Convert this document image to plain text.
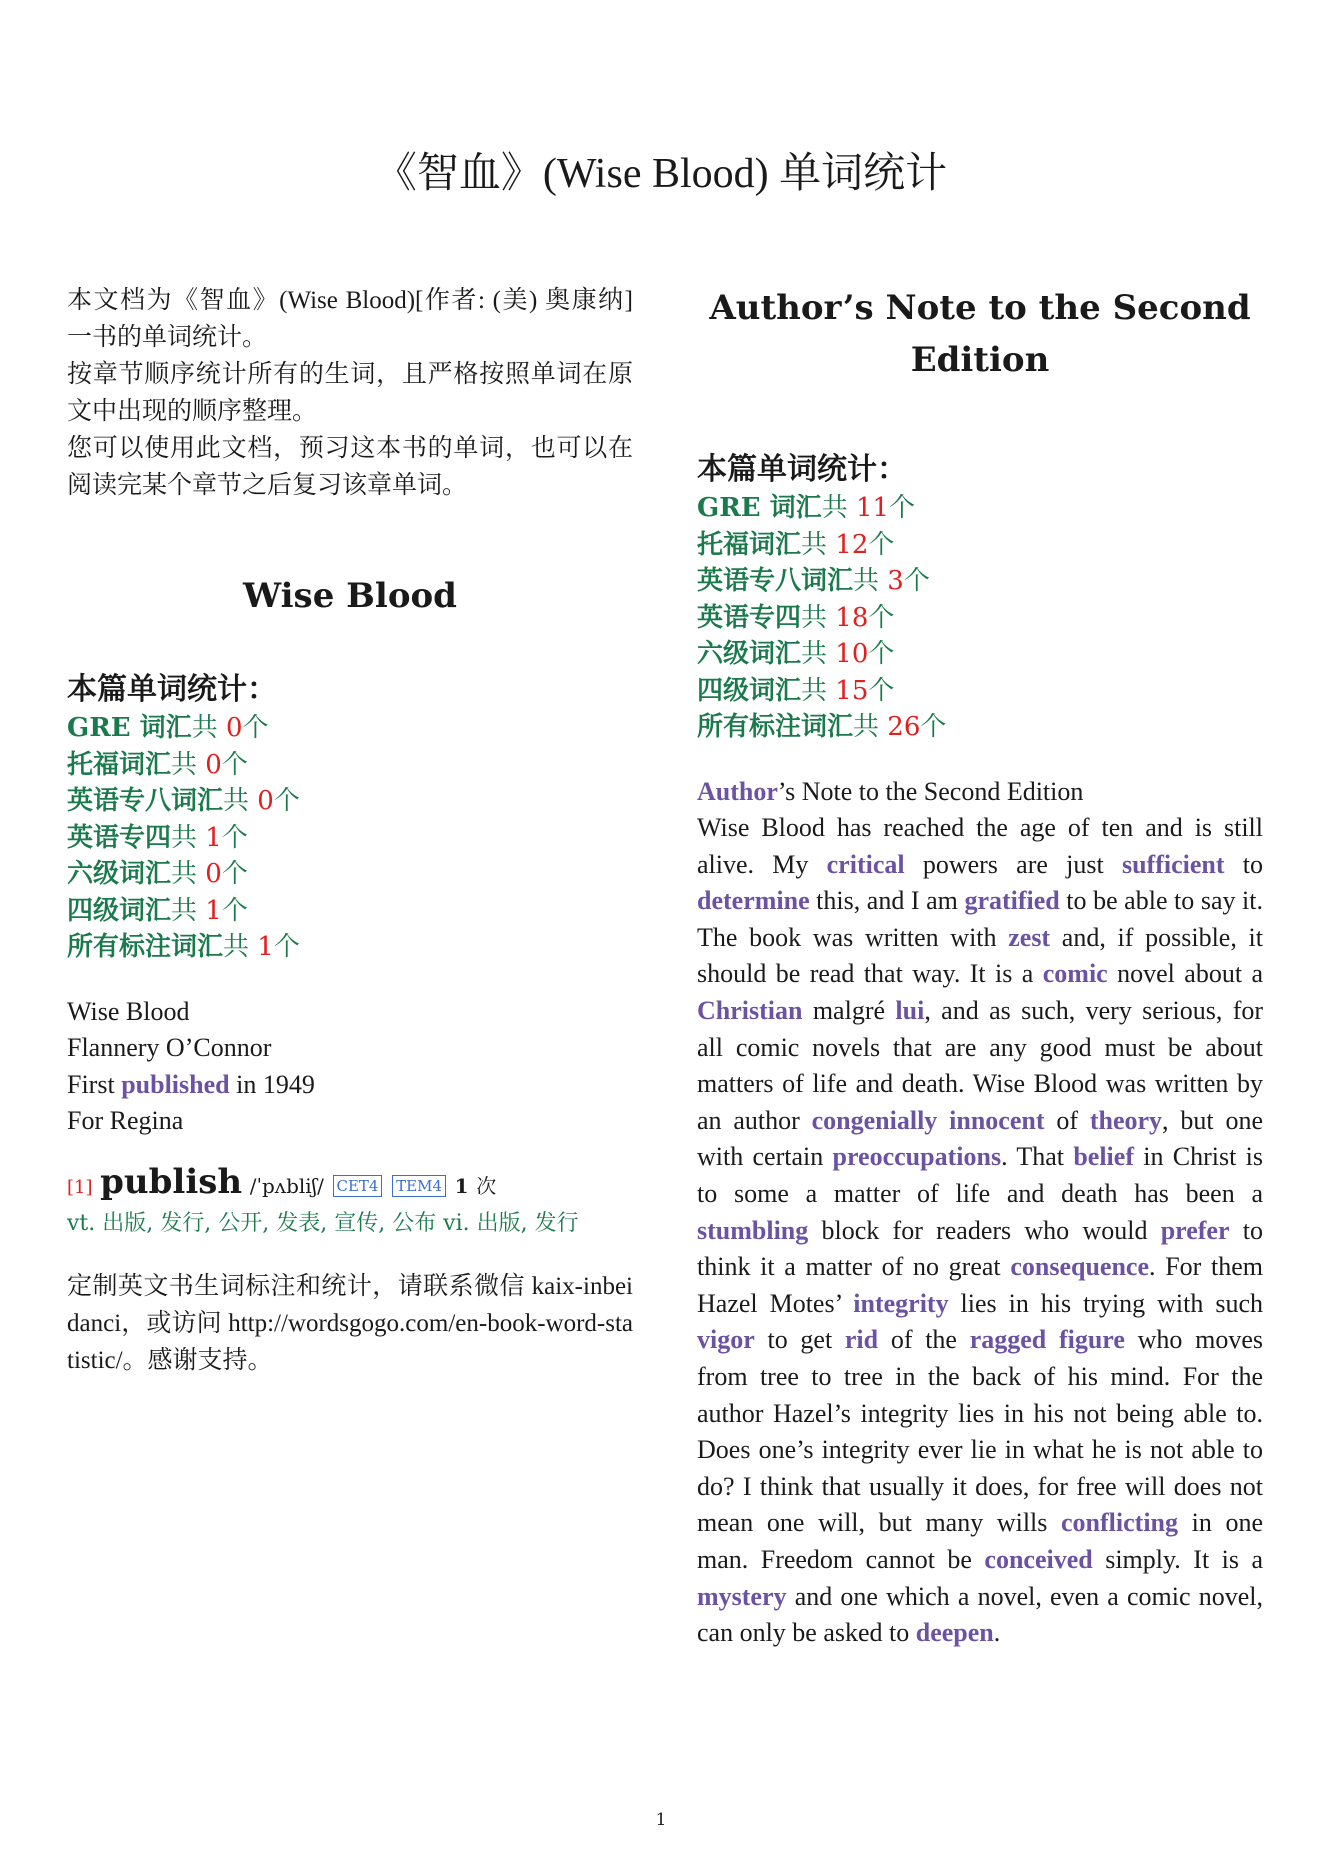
《智血》(Wise Blood) 单词统计

本文档为《智血》(Wise Blood)[作者: (美) 奥康纳] 一书的单词统计。

按章节顺序统计所有的生词，且严格按照单词在原文中出现的顺序整理。

您可以使用此文档，预习这本书的单词，也可以在阅读完某个章节之后复习该章单词。

Wise Blood
本篇单词统计：
GRE 词汇共 0个
托福词汇共 0个
英语专八词汇共 0个
英语专四共 1个
六级词汇共 0个
四级词汇共 1个
所有标注词汇共 1个
Wise Blood
Flannery O’Connor
First published in 1949
For Regina
[1] publish /ˈpʌbliʃ/ CET4 TEM4 1 次
vt. 出版, 发行, 公开, 发表, 宣传, 公布 vi. 出版, 发行
定制英文书生词标注和统计，请联系微信 kaix-inbeidanci，或访问 http://wordsgogo.com/en-book-word-statistic/。感谢支持。
Author’s Note to the Second Edition
本篇单词统计：
GRE 词汇共 11个
托福词汇共 12个
英语专八词汇共 3个
英语专四共 18个
六级词汇共 10个
四级词汇共 15个
所有标注词汇共 26个
Author’s Note to the Second Edition
Wise Blood has reached the age of ten and is still alive. My critical powers are just sufficient to determine this, and I am gratified to be able to say it. The book was written with zest and, if possible, it should be read that way. It is a comic novel about a Christian malgré lui, and as such, very serious, for all comic novels that are any good must be about matters of life and death. Wise Blood was written by an author congenially innocent of theory, but one with certain preoccupations. That belief in Christ is to some a matter of life and death has been a stumbling block for readers who would prefer to think it a matter of no great consequence. For them Hazel Motes’ integrity lies in his trying with such vigor to get rid of the ragged figure who moves from tree to tree in the back of his mind. For the author Hazel’s integrity lies in his not being able to. Does one’s integrity ever lie in what he is not able to do? I think that usually it does, for free will does not mean one will, but many wills conflicting in one man. Freedom cannot be conceived simply. It is a mystery and one which a novel, even a comic novel, can only be asked to deepen.
1
